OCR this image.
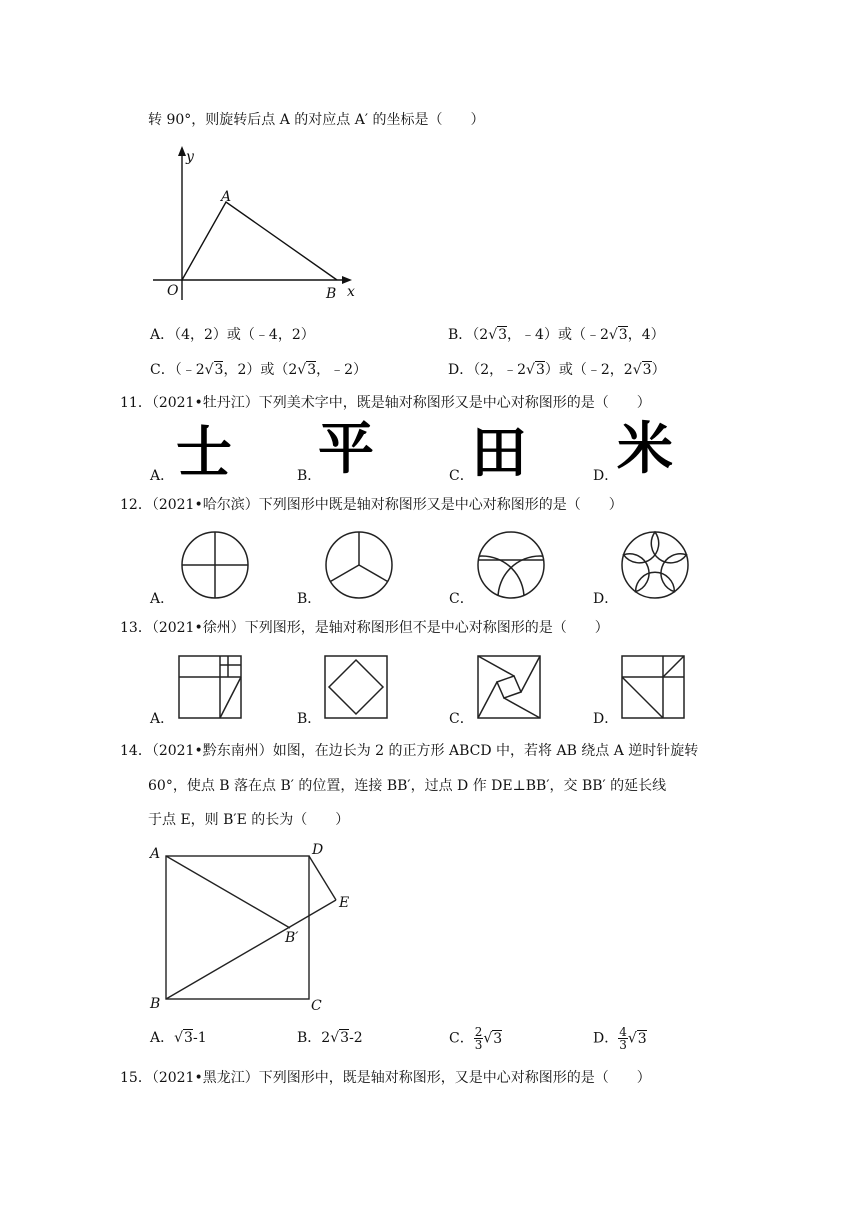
转 90°，则旋转后点 A 的对应点 A′ 的坐标是（　　）
y
A
O	B x
A．（4，2）或（﹣4，2）	B．（2√3，﹣4）或（﹣2√3，4）
C．（﹣2√3，2）或（2√3，﹣2）	D．（2，﹣2√3）或（﹣2，2√3）
11．（2021•牡丹江）下列美术字中，既是轴对称图形又是中心对称图形的是（　　）
A． 士	B．
平	C．
田	D．
米
12．（2021•哈尔滨）下列图形中既是轴对称图形又是中心对称图形的是（　　）
A．	B．	C．	D．
13．（2021•徐州）下列图形，是轴对称图形但不是中心对称图形的是（　　）
A．	B．	C．	D．
14．（2021•黔东南州）如图，在边长为 2 的正方形 ABCD 中，若将 AB 绕点 A 逆时针旋转
60°，使点 B 落在点 B′ 的位置，连接 BB′，过点 D 作 DE⊥BB′，交 BB′ 的延长线
于点 E，则 B′E 的长为（　　）
A	D
E
B′
B	C
A．√3-1	B．2√3-2	C． $\frac{2}{3} √3$	D． $\frac{4}{3} √3$
15．（2021•黑龙江）下列图形中，既是轴对称图形，又是中心对称图形的是（　　）
